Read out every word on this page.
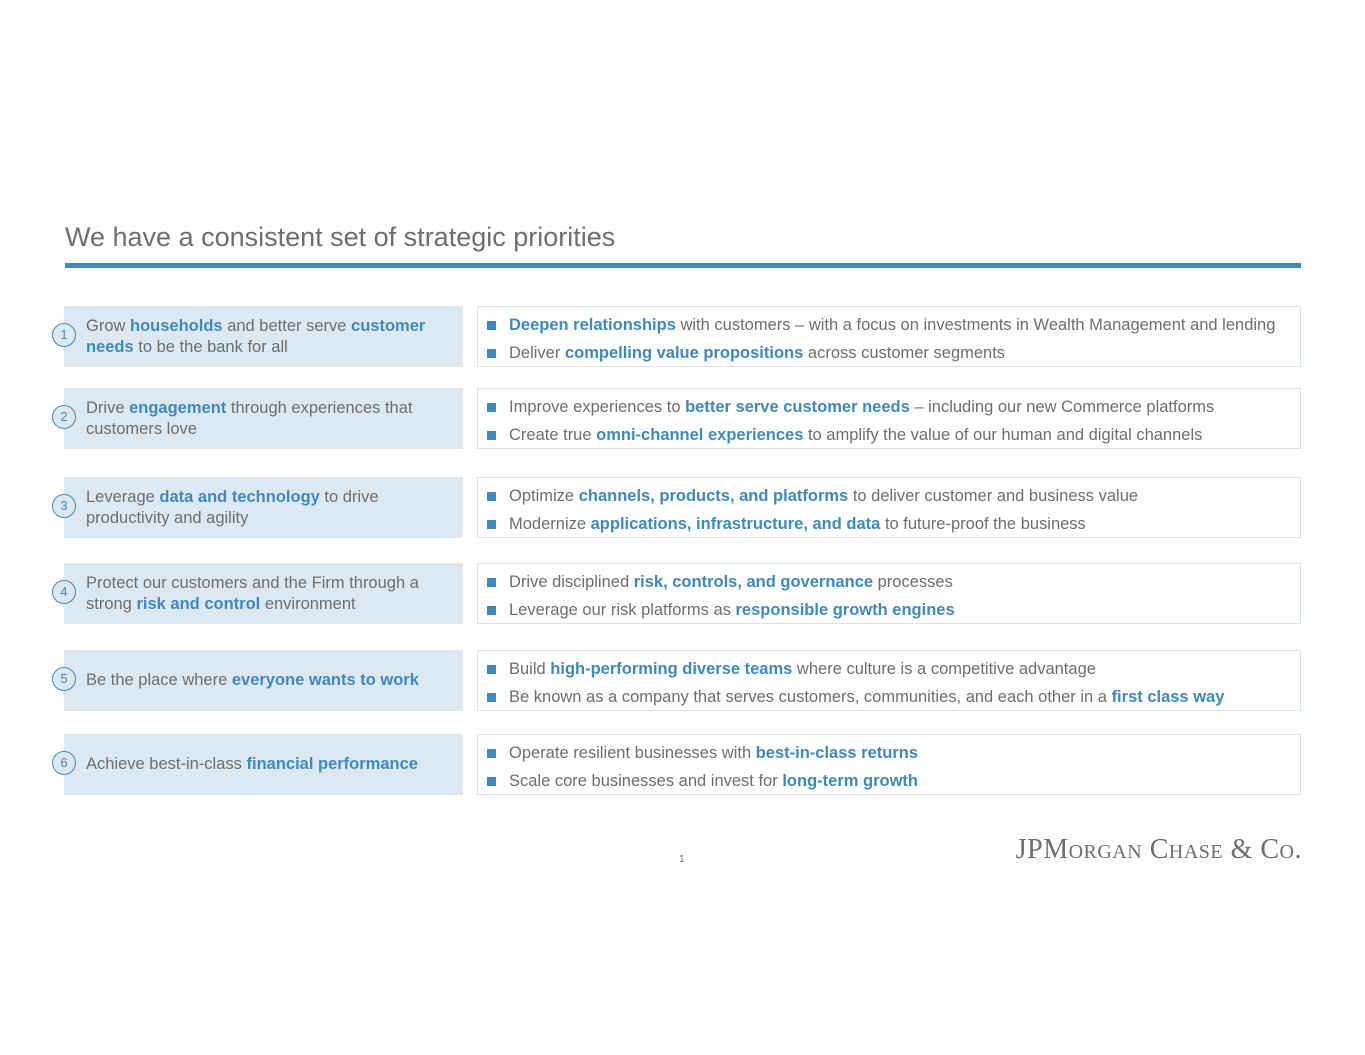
We have a consistent set of strategic priorities
Grow households and better serve customer needs to be the bank for all
1
Deepen relationships with customers – with a focus on investments in Wealth Management and lending
Deliver compelling value propositions across customer segments
Drive engagement through experiences that customers love
2
Improve experiences to better serve customer needs – including our new Commerce platforms
Create true omni-channel experiences to amplify the value of our human and digital channels
Leverage data and technology to drive productivity and agility
3
Optimize channels, products, and platforms to deliver customer and business value
Modernize applications, infrastructure, and data to future-proof the business
Protect our customers and the Firm through a strong risk and control environment
4
Drive disciplined risk, controls, and governance processes
Leverage our risk platforms as responsible growth engines
Be the place where everyone wants to work
5
Build high-performing diverse teams where culture is a competitive advantage
Be known as a company that serves customers, communities, and each other in a first class way
Achieve best-in-class financial performance
6
Operate resilient businesses with best-in-class returns
Scale core businesses and invest for long-term growth
1	JPMorgan Chase & Co.
